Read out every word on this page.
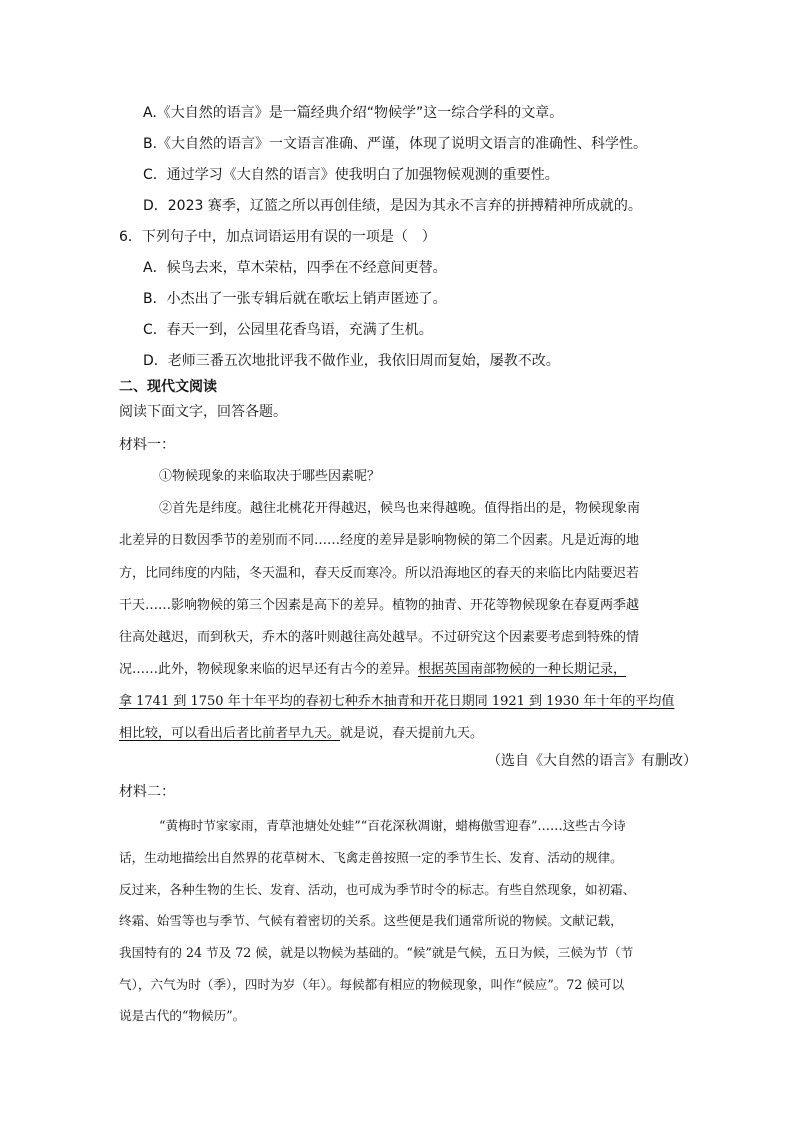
A.《大自然的语言》是一篇经典介绍“物候学”这一综合学科的文章。
B.《大自然的语言》一文语言准确、严谨，体现了说明文语言的准确性、科学性。
C．通过学习《大自然的语言》使我明白了加强物候观测的重要性。
D．2023 赛季，辽篮之所以再创佳绩，是因为其永不言弃的拼搏精神所成就的。
6．下列句子中，加点词语运用有误的一项是（　）
A．候鸟去来，草木荣枯，四季在不经意间更替。
B．小杰出了一张专辑后就在歌坛上销声匿迹了。
C．春天一到，公园里花香鸟语，充满了生机。
D．老师三番五次地批评我不做作业，我依旧周而复始，屡教不改。
二、现代文阅读
阅读下面文字，回答各题。
材料一：
①物候现象的来临取决于哪些因素呢？
②首先是纬度。越往北桃花开得越迟，候鸟也来得越晚。值得指出的是，物候现象南
北差异的日数因季节的差别而不同……经度的差异是影响物候的第二个因素。凡是近海的地
方，比同纬度的内陆，冬天温和，春天反而寒冷。所以沿海地区的春天的来临比内陆要迟若
干天……影响物候的第三个因素是高下的差异。植物的抽青、开花等物候现象在春夏两季越
往高处越迟，而到秋天，乔木的落叶则越往高处越早。不过研究这个因素要考虑到特殊的情
况……此外，物候现象来临的迟早还有古今的差异。根据英国南部物候的一种长期记录，
拿 1741 到 1750 年十年平均的春初七种乔木抽青和开花日期同 1921 到 1930 年十年的平均值
相比较，可以看出后者比前者早九天。就是说，春天提前九天。
（选自《大自然的语言》有删改）
材料二：
“黄梅时节家家雨，青草池塘处处蛙”“百花深秋凋谢，蜡梅傲雪迎春”……这些古今诗
话，生动地描绘出自然界的花草树木、飞禽走兽按照一定的季节生长、发育、活动的规律。
反过来，各种生物的生长、发育、活动，也可成为季节时令的标志。有些自然现象，如初霜、
终霜、始雪等也与季节、气候有着密切的关系。这些便是我们通常所说的物候。文献记载，
我国特有的 24 节及 72 候，就是以物候为基础的。“候”就是气候，五日为候，三候为节（节
气），六气为时（季），四时为岁（年）。每候都有相应的物候现象，叫作“候应”。72 候可以
说是古代的“物候历”。
